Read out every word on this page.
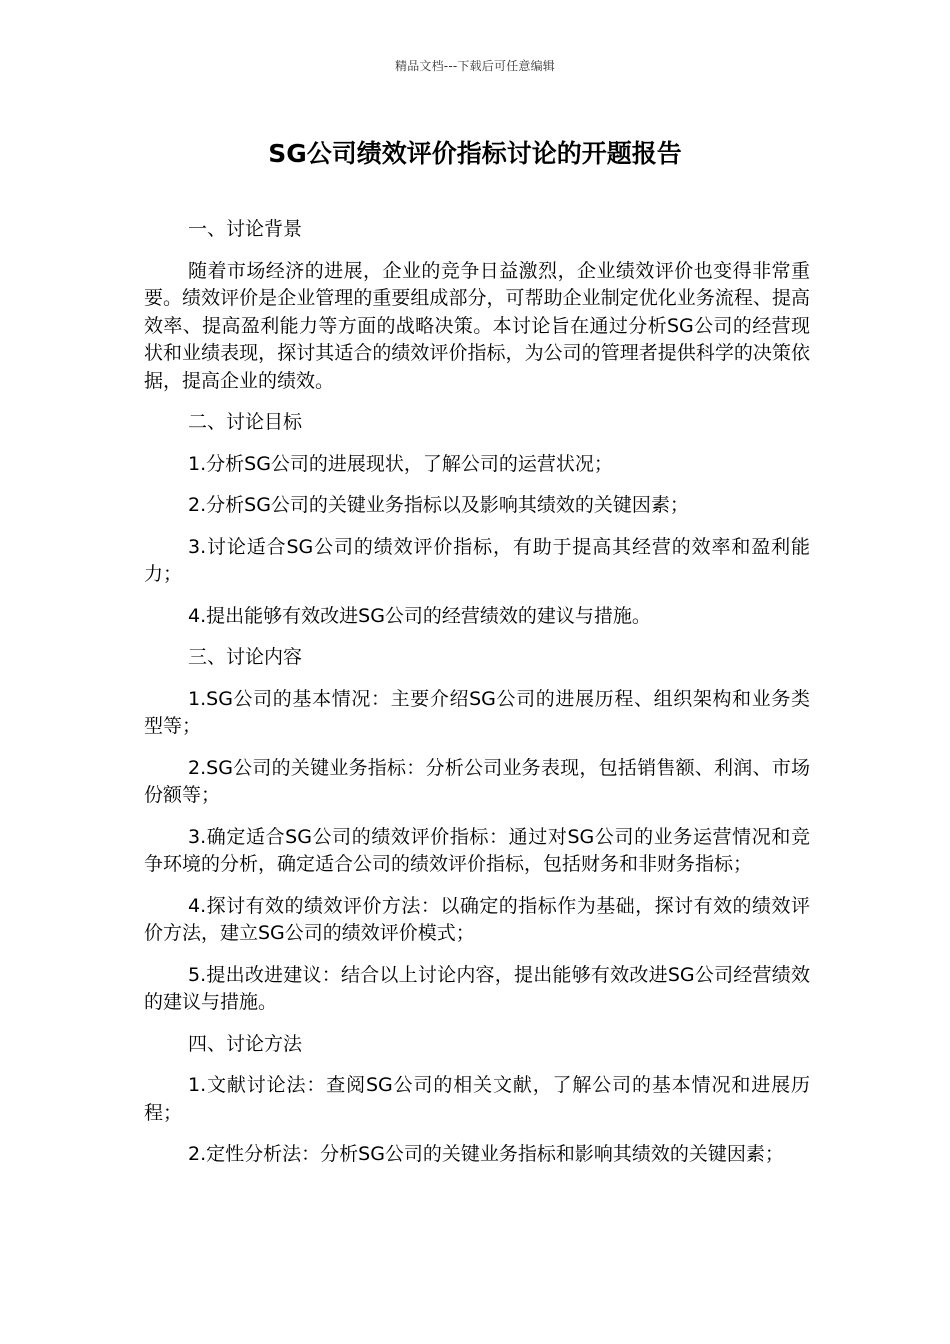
精品文档---下载后可任意编辑
SG公司绩效评价指标讨论的开题报告

一、讨论背景

随着市场经济的进展，企业的竞争日益激烈，企业绩效评价也变得非常重要。绩效评价是企业管理的重要组成部分，可帮助企业制定优化业务流程、提高效率、提高盈利能力等方面的战略决策。本讨论旨在通过分析SG公司的经营现状和业绩表现，探讨其适合的绩效评价指标，为公司的管理者提供科学的决策依据，提高企业的绩效。

二、讨论目标

1.分析SG公司的进展现状，了解公司的运营状况；

2.分析SG公司的关键业务指标以及影响其绩效的关键因素；

3.讨论适合SG公司的绩效评价指标，有助于提高其经营的效率和盈利能力；

4.提出能够有效改进SG公司的经营绩效的建议与措施。

三、讨论内容

1.SG公司的基本情况：主要介绍SG公司的进展历程、组织架构和业务类型等；

2.SG公司的关键业务指标：分析公司业务表现，包括销售额、利润、市场份额等；

3.确定适合SG公司的绩效评价指标：通过对SG公司的业务运营情况和竞争环境的分析，确定适合公司的绩效评价指标，包括财务和非财务指标；

4.探讨有效的绩效评价方法：以确定的指标作为基础，探讨有效的绩效评价方法，建立SG公司的绩效评价模式；

5.提出改进建议：结合以上讨论内容，提出能够有效改进SG公司经营绩效的建议与措施。

四、讨论方法

1.文献讨论法：查阅SG公司的相关文献，了解公司的基本情况和进展历程；

2.定性分析法：分析SG公司的关键业务指标和影响其绩效的关键因素；
